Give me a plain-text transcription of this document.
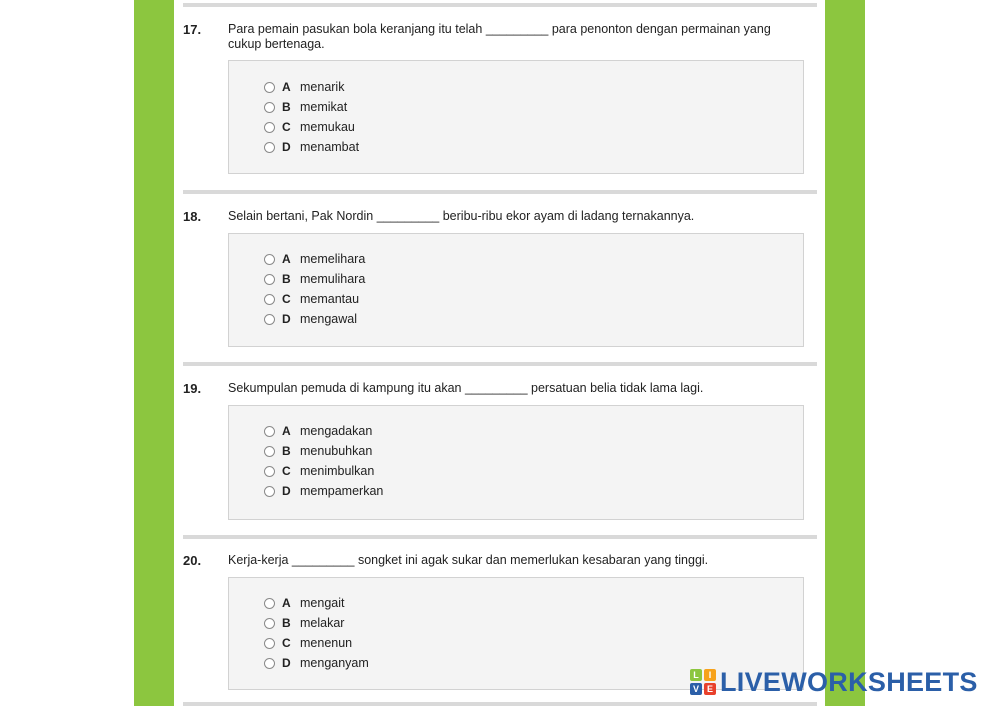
17. Para pemain pasukan bola keranjang itu telah _________ para penonton dengan permainan yang cukup bertenaga.
A menarik
B memikat
C memukau
D menambat
18. Selain bertani, Pak Nordin _________ beribu-ribu ekor ayam di ladang ternakannya.
A memelihara
B memulihara
C memantau
D mengawal
19. Sekumpulan pemuda di kampung itu akan _________ persatuan belia tidak lama lagi.
A mengadakan
B menubuhkan
C menimbulkan
D mempamerkan
20. Kerja-kerja _________ songket ini agak sukar dan memerlukan kesabaran yang tinggi.
A mengait
B melakar
C menenun
D menganyam
L	I
V E LIVEWORKSHEETS
